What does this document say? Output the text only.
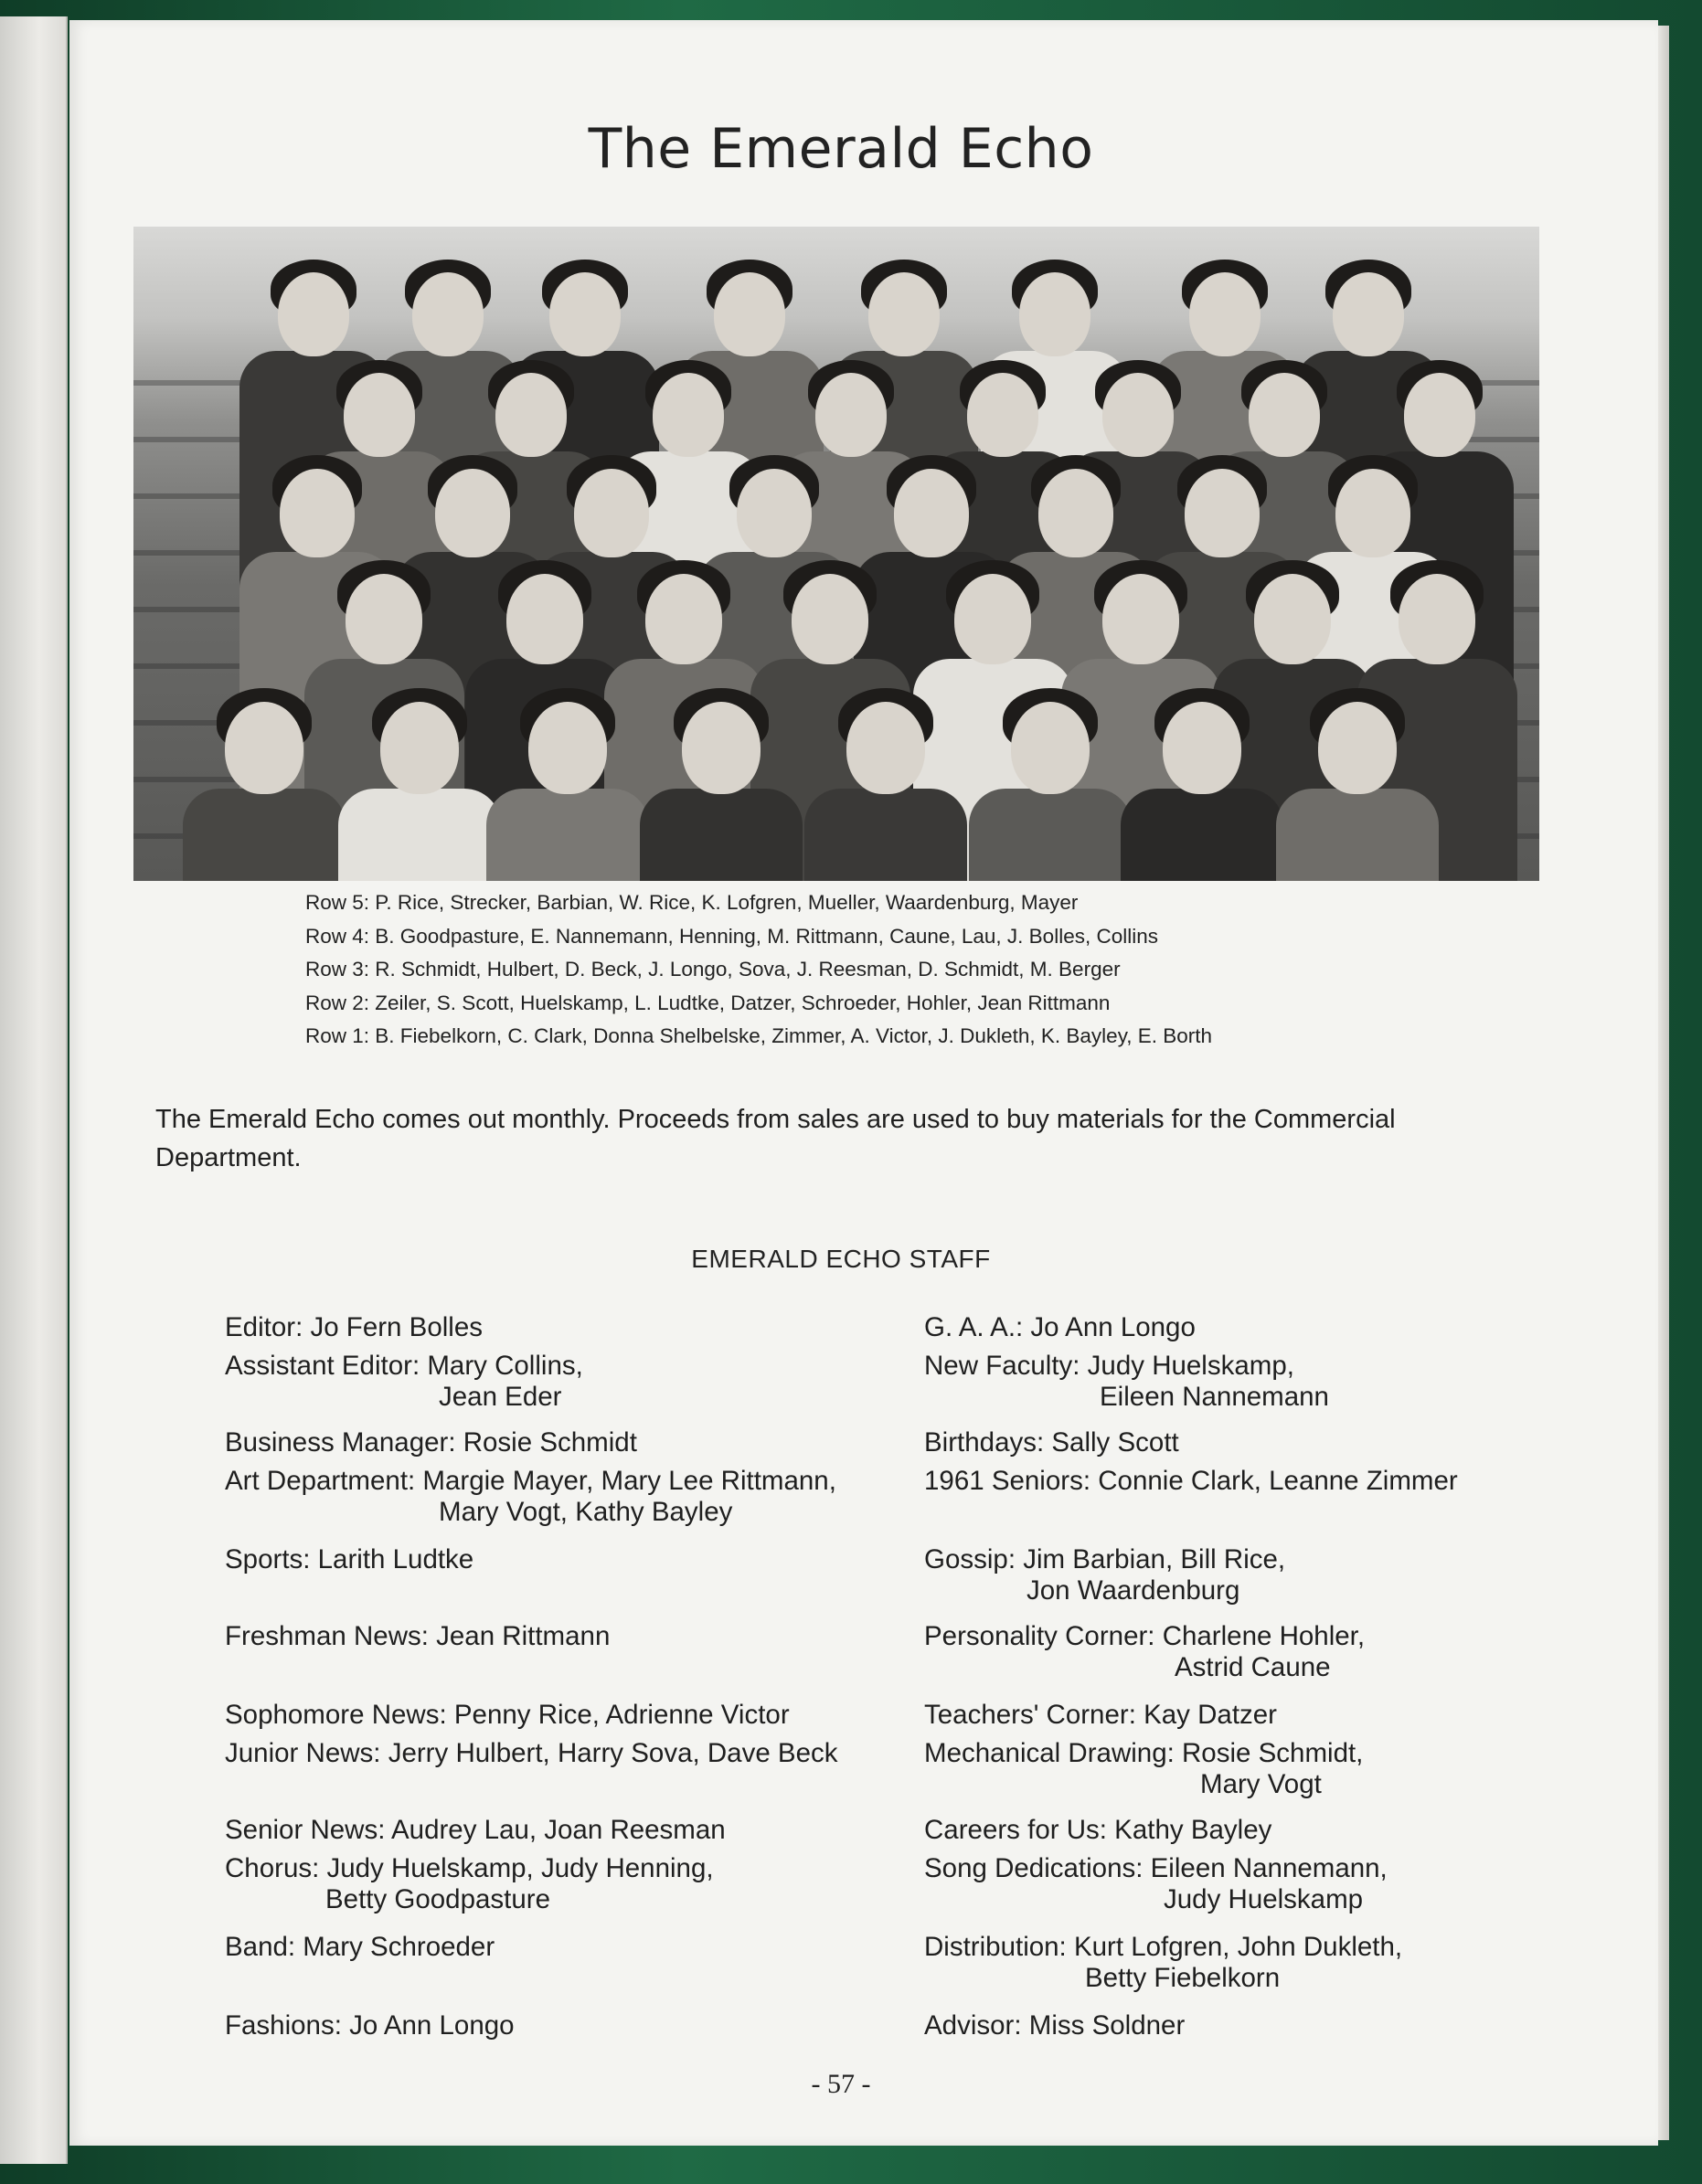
The Emerald Echo
Row 5: P. Rice, Strecker, Barbian, W. Rice, K. Lofgren, Mueller, Waardenburg, Mayer
Row 4: B. Goodpasture, E. Nannemann, Henning, M. Rittmann, Caune, Lau, J. Bolles, Collins
Row 3: R. Schmidt, Hulbert, D. Beck, J. Longo, Sova, J. Reesman, D. Schmidt, M. Berger
Row 2: Zeiler, S. Scott, Huelskamp, L. Ludtke, Datzer, Schroeder, Hohler, Jean Rittmann
Row 1: B. Fiebelkorn, C. Clark, Donna Shelbelske, Zimmer, A. Victor, J. Dukleth, K. Bayley, E. Borth
The Emerald Echo comes out monthly. Proceeds from sales are used to buy materials for the Commercial Department.
EMERALD ECHO STAFF
Editor: Jo Fern Bolles
Assistant Editor: Mary Collins,
Jean Eder
Business Manager: Rosie Schmidt
Art Department: Margie Mayer, Mary Lee Rittmann,
Mary Vogt, Kathy Bayley
Sports: Larith Ludtke
Freshman News: Jean Rittmann
Sophomore News: Penny Rice, Adrienne Victor
Junior News: Jerry Hulbert, Harry Sova, Dave Beck
Senior News: Audrey Lau, Joan Reesman
Chorus: Judy Huelskamp, Judy Henning,
Betty Goodpasture
Band: Mary Schroeder
Fashions: Jo Ann Longo
G. A. A.: Jo Ann Longo
New Faculty: Judy Huelskamp,
Eileen Nannemann
Birthdays: Sally Scott
1961 Seniors: Connie Clark, Leanne Zimmer
Gossip: Jim Barbian, Bill Rice,
Jon Waardenburg
Personality Corner: Charlene Hohler,
Astrid Caune
Teachers' Corner: Kay Datzer
Mechanical Drawing: Rosie Schmidt,
Mary Vogt
Careers for Us: Kathy Bayley
Song Dedications: Eileen Nannemann,
Judy Huelskamp
Distribution: Kurt Lofgren, John Dukleth,
Betty Fiebelkorn
Advisor: Miss Soldner
- 57 -
